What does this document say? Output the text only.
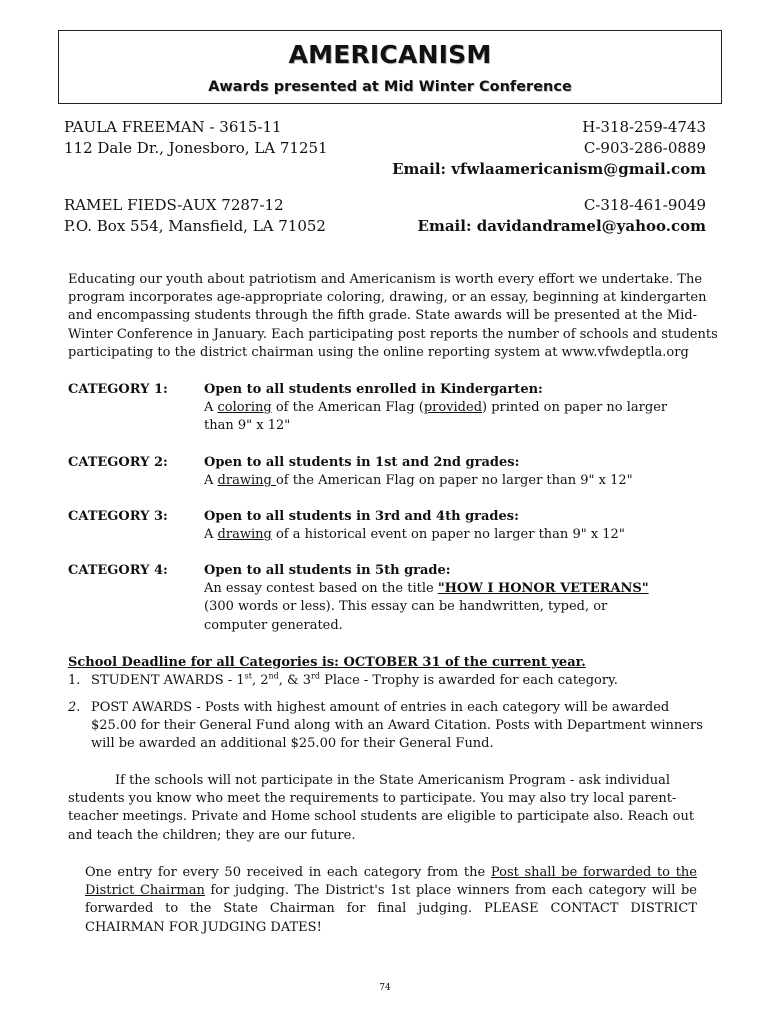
AMERICANISM
Awards presented at Mid Winter Conference
PAULA FREEMAN - 3615-11	H-318-259-4743
112 Dale Dr., Jonesboro, LA 71251	C-903-286-0889
Email: vfwlaamericanism@gmail.com
RAMEL FIEDS-AUX 7287-12	C-318-461-9049
P.O. Box 554, Mansfield, LA 71052	Email: davidandramel@yahoo.com
Educating our youth about patriotism and Americanism is worth every effort we undertake. The program incorporates age-appropriate coloring, drawing, or an essay, beginning at kindergarten and encompassing students through the fifth grade. State awards will be presented at the Mid-Winter Conference in January. Each participating post reports the number of schools and students participating to the district chairman using the online reporting system at www.vfwdeptla.org
CATEGORY 1:	Open to all students enrolled in Kindergarten:
A coloring of the American Flag (provided) printed on paper no larger than 9" x 12"
CATEGORY 2:	Open to all students in 1st and 2nd grades:
A drawing of the American Flag on paper no larger than 9" x 12"
CATEGORY 3:	Open to all students in 3rd and 4th grades:
A drawing of a historical event on paper no larger than 9" x 12"
CATEGORY 4:	Open to all students in 5th grade:
An essay contest based on the title "HOW I HONOR VETERANS"
(300 words or less). This essay can be handwritten, typed, or computer generated.
School Deadline for all Categories is: OCTOBER 31 of the current year.
1. STUDENT AWARDS - 1st, 2nd, & 3rd Place - Trophy is awarded for each category.
2. POST AWARDS - Posts with highest amount of entries in each category will be awarded $25.00 for their General Fund along with an Award Citation. Posts with Department winners will be awarded an additional $25.00 for their General Fund.
If the schools will not participate in the State Americanism Program - ask individual students you know who meet the requirements to participate. You may also try local parent-teacher meetings. Private and Home school students are eligible to participate also. Reach out and teach the children; they are our future.
One entry for every 50 received in each category from the Post shall be forwarded to the District Chairman for judging. The District's 1st place winners from each category will be forwarded to the State Chairman for final judging. PLEASE CONTACT DISTRICT CHAIRMAN FOR JUDGING DATES!
74
